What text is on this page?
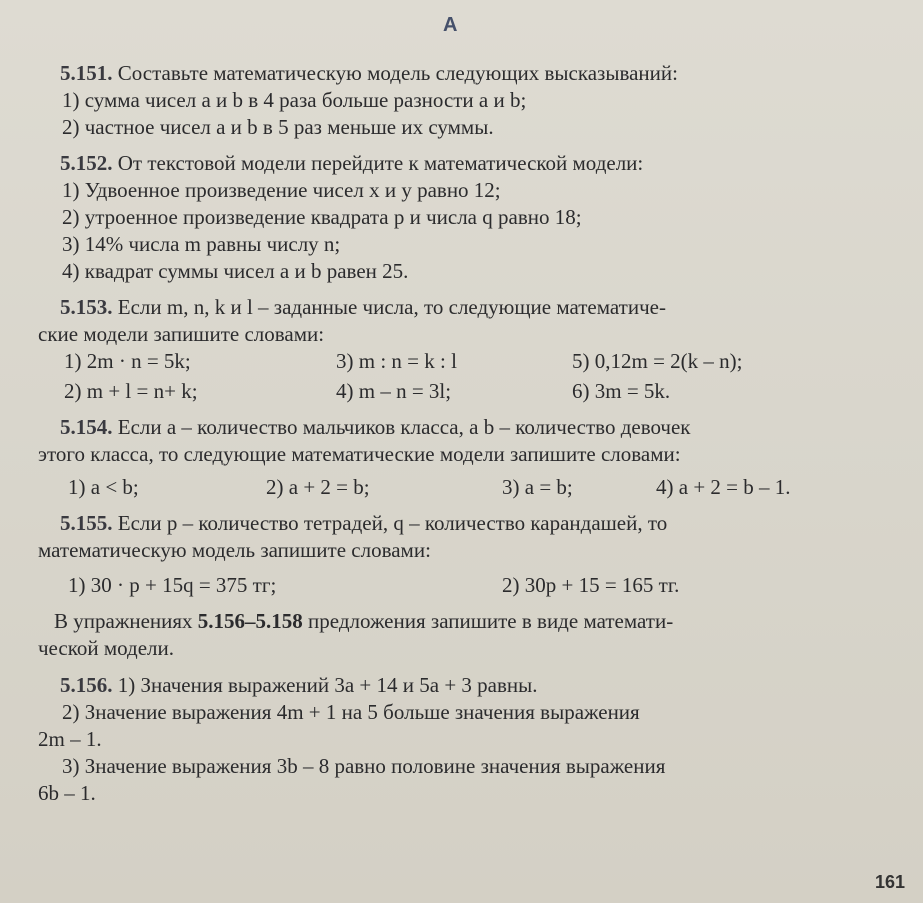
А
5.151. Составьте математическую модель следующих высказываний:
1) сумма чисел a и b в 4 раза больше разности a и b;
2) частное чисел a и b в 5 раз меньше их суммы.
5.152. От текстовой модели перейдите к математической модели:
1) Удвоенное произведение чисел x и y равно 12;
2) утроенное произведение квадрата p и числа q равно 18;
3) 14% числа m равны числу n;
4) квадрат суммы чисел a и b равен 25.
5.153. Если m, n, k и l – заданные числа, то следующие математиче-
ские модели запишите словами:
1) 2m · n = 5k;	3) m : n = k : l	5) 0,12m = 2(k – n);
2) m + l = n+ k;	4) m – n = 3l;	6) 3m = 5k.
5.154. Если a – количество мальчиков класса, а b – количество девочек
этого класса, то следующие математические модели запишите словами:
1) a < b;	2) a + 2 = b;	3) a = b;	4) a + 2 = b – 1.
5.155. Если p – количество тетрадей, q – количество карандашей, то
математическую модель запишите словами:
1) 30 · p + 15q = 375 тг;	2) 30p + 15 = 165 тг.
В упражнениях 5.156–5.158 предложения запишите в виде математи-
ческой модели.
5.156. 1) Значения выражений 3a + 14 и 5a + 3 равны.
2) Значение выражения 4m + 1 на 5 больше значения выражения
2m – 1.
3) Значение выражения 3b – 8 равно половине значения выражения
6b – 1.
161
